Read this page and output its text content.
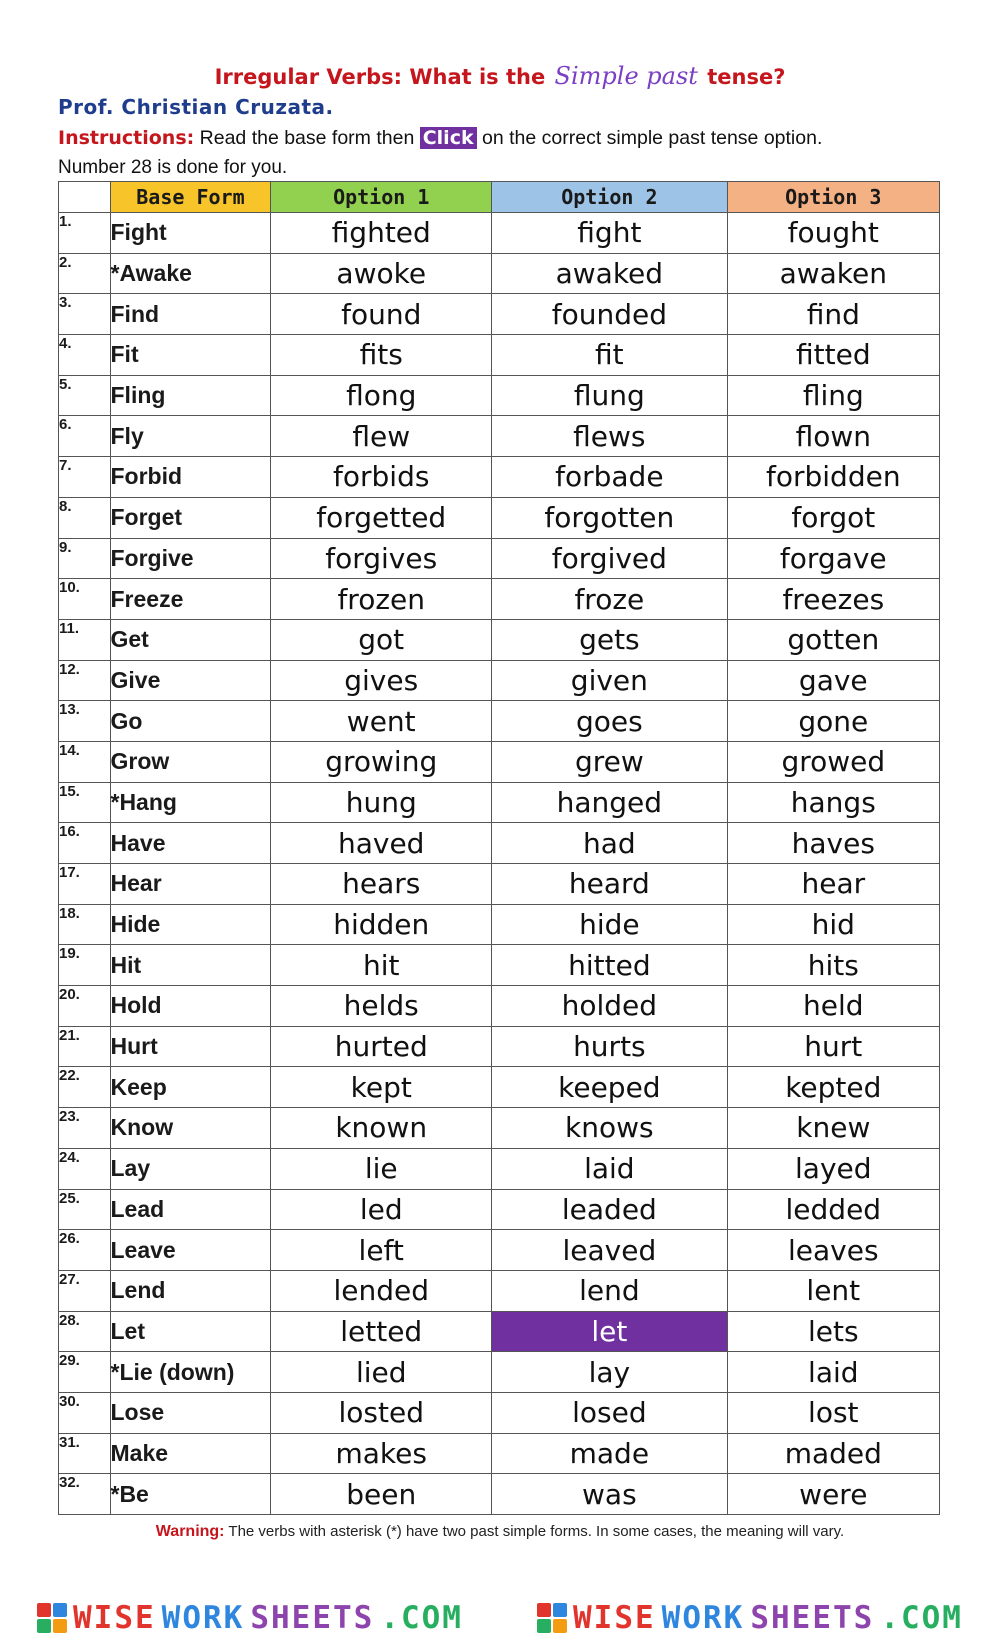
Irregular Verbs: What is the Simple past tense?
Prof. Christian Cruzata.
Instructions: Read the base form then Click on the correct simple past tense option.
Number 28 is done for you.
	Base Form	Option 1	Option 2	Option 3
1.	Fight	fighted	fight	fought
2.	*Awake	awoke	awaked	awaken
3.	Find	found	founded	find
4.	Fit	fits	fit	fitted
5.	Fling	flong	flung	fling
6.	Fly	flew	flews	flown
7.	Forbid	forbids	forbade	forbidden
8.	Forget	forgetted	forgotten	forgot
9.	Forgive	forgives	forgived	forgave
10.	Freeze	frozen	froze	freezes
11.	Get	got	gets	gotten
12.	Give	gives	given	gave
13.	Go	went	goes	gone
14.	Grow	growing	grew	growed
15.	*Hang	hung	hanged	hangs
16.	Have	haved	had	haves
17.	Hear	hears	heard	hear
18.	Hide	hidden	hide	hid
19.	Hit	hit	hitted	hits
20.	Hold	helds	holded	held
21.	Hurt	hurted	hurts	hurt
22.	Keep	kept	keeped	kepted
23.	Know	known	knows	knew
24.	Lay	lie	laid	layed
25.	Lead	led	leaded	ledded
26.	Leave	left	leaved	leaves
27.	Lend	lended	lend	lent
28.	Let	letted	let	lets
29.	*Lie (down)	lied	lay	laid
30.	Lose	losted	losed	lost
31.	Make	makes	made	maded
32.	*Be	been	was	were
Warning: The verbs with asterisk (*) have two past simple forms. In some cases, the meaning will vary.
WISE WORK SHEETS .COM	WISE WORK SHEETS .COM
